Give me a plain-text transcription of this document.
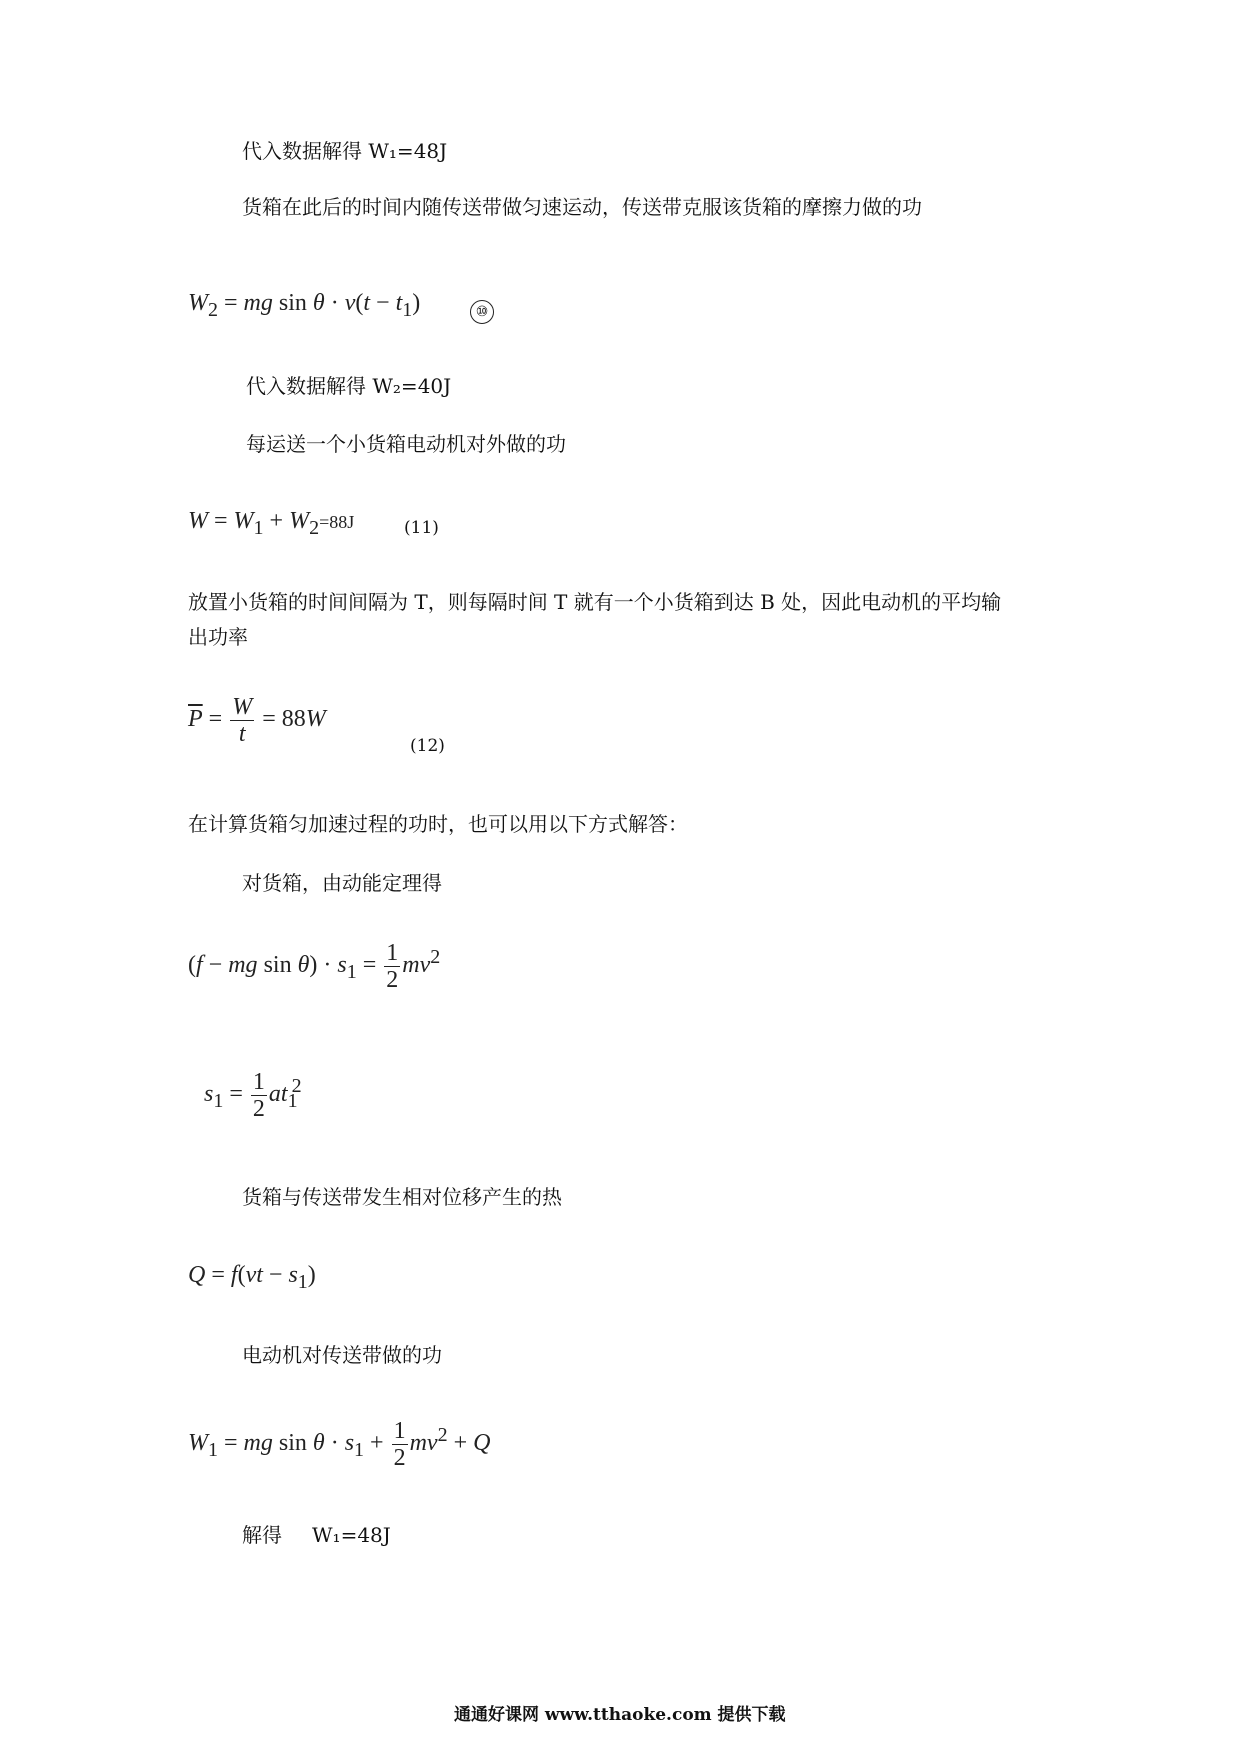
代入数据解得 W₁=48J
货箱在此后的时间内随传送带做匀速运动，传送带克服该货箱的摩擦力做的功
$W_2$ = mg $\sin \theta \cdot v(t - t_1)$	⑩
代入数据解得 W₂=40J
每运送一个小货箱电动机对外做的功
$W = W_1 + W_2=88J$	(11)
放置小货箱的时间间隔为 T，则每隔时间 T 就有一个小货箱到达 B 处，因此电动机的平均输
出功率
$\overline{P} = \frac{W}{t} = 88W$
(12)
在计算货箱匀加速过程的功时，也可以用以下方式解答：
对货箱，由动能定理得
(f − mg $\sin \theta) \cdot s_1 = \frac{1}{2} mv^2$
$s_1 = \frac{1}{2} at_1^2$
货箱与传送带发生相对位移产生的热
$Q = f(vt - s_1)$
电动机对传送带做的功
$W_1$ = mg $\sin \theta \cdot s_1 + \frac{1}{2} mv^2 + Q$
解得 W₁=48J
通通好课网 www.tthaoke.com 提供下载
